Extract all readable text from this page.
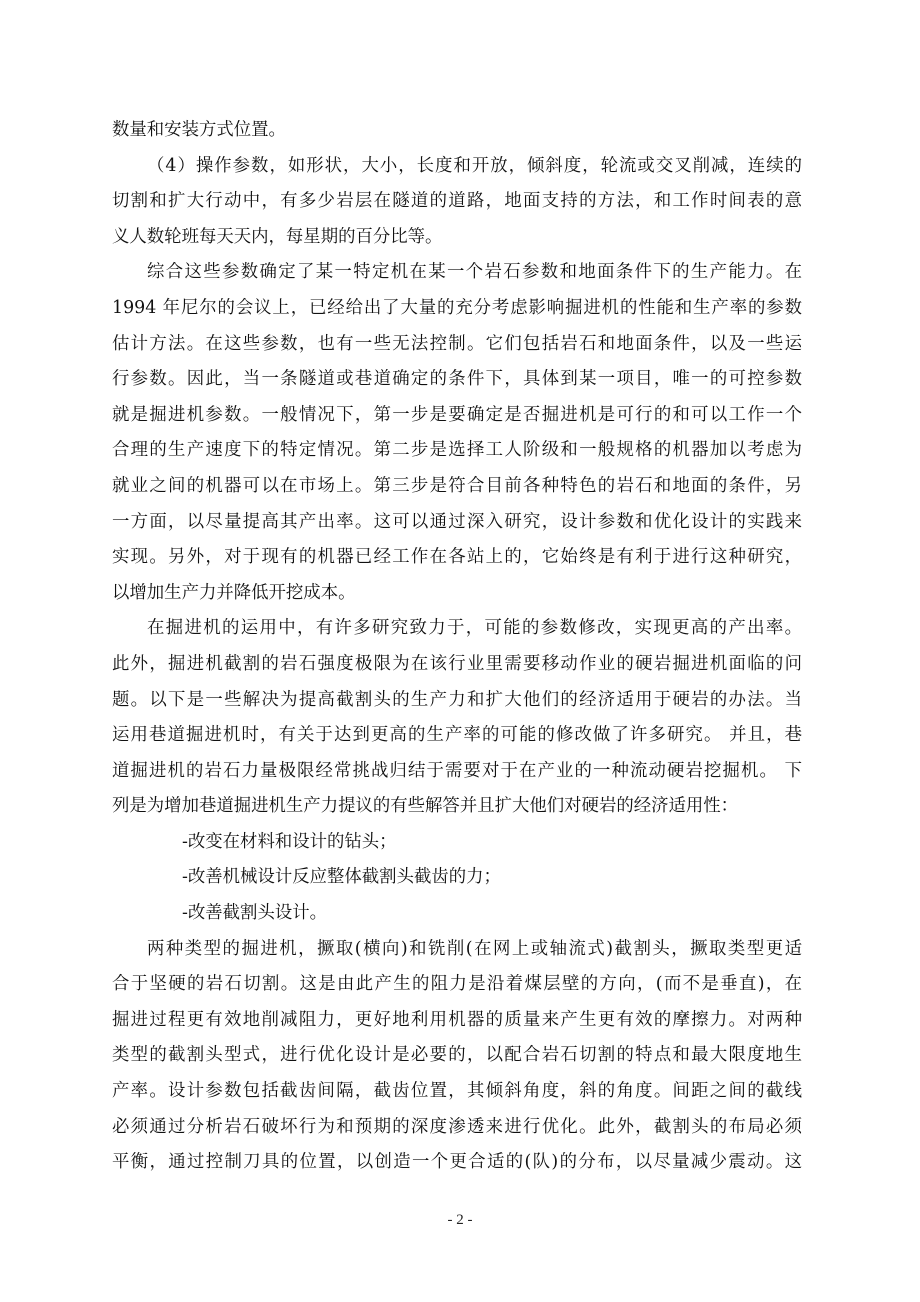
数量和安装方式位置。
（4）操作参数，如形状，大小，长度和开放，倾斜度，轮流或交叉削减，连续的
切割和扩大行动中，有多少岩层在隧道的道路，地面支持的方法，和工作时间表的意
义人数轮班每天天内，每星期的百分比等。
综合这些参数确定了某一特定机在某一个岩石参数和地面条件下的生产能力。在
1994 年尼尔的会议上，已经给出了大量的充分考虑影响掘进机的性能和生产率的参数
估计方法。在这些参数，也有一些无法控制。它们包括岩石和地面条件，以及一些运
行参数。因此，当一条隧道或巷道确定的条件下，具体到某一项目，唯一的可控参数
就是掘进机参数。一般情况下，第一步是要确定是否掘进机是可行的和可以工作一个
合理的生产速度下的特定情况。第二步是选择工人阶级和一般规格的机器加以考虑为
就业之间的机器可以在市场上。第三步是符合目前各种特色的岩石和地面的条件，另
一方面，以尽量提高其产出率。这可以通过深入研究，设计参数和优化设计的实践来
实现。另外，对于现有的机器已经工作在各站上的，它始终是有利于进行这种研究，
以增加生产力并降低开挖成本。
在掘进机的运用中，有许多研究致力于，可能的参数修改，实现更高的产出率。
此外，掘进机截割的岩石强度极限为在该行业里需要移动作业的硬岩掘进机面临的问
题。以下是一些解决为提高截割头的生产力和扩大他们的经济适用于硬岩的办法。当
运用巷道掘进机时，有关于达到更高的生产率的可能的修改做了许多研究。 并且，巷
道掘进机的岩石力量极限经常挑战归结于需要对于在产业的一种流动硬岩挖掘机。 下
列是为增加巷道掘进机生产力提议的有些解答并且扩大他们对硬岩的经济适用性：
-改变在材料和设计的钻头；
-改善机械设计反应整体截割头截齿的力；
-改善截割头设计。
两种类型的掘进机，撅取(横向)和铣削(在网上或轴流式)截割头，撅取类型更适
合于坚硬的岩石切割。这是由此产生的阻力是沿着煤层壁的方向，(而不是垂直)，在
掘进过程更有效地削减阻力，更好地利用机器的质量来产生更有效的摩擦力。对两种
类型的截割头型式，进行优化设计是必要的，以配合岩石切割的特点和最大限度地生
产率。设计参数包括截齿间隔，截齿位置，其倾斜角度，斜的角度。间距之间的截线
必须通过分析岩石破坏行为和预期的深度渗透来进行优化。此外，截割头的布局必须
平衡，通过控制刀具的位置，以创造一个更合适的(队)的分布，以尽量减少震动。这
- 2 -
